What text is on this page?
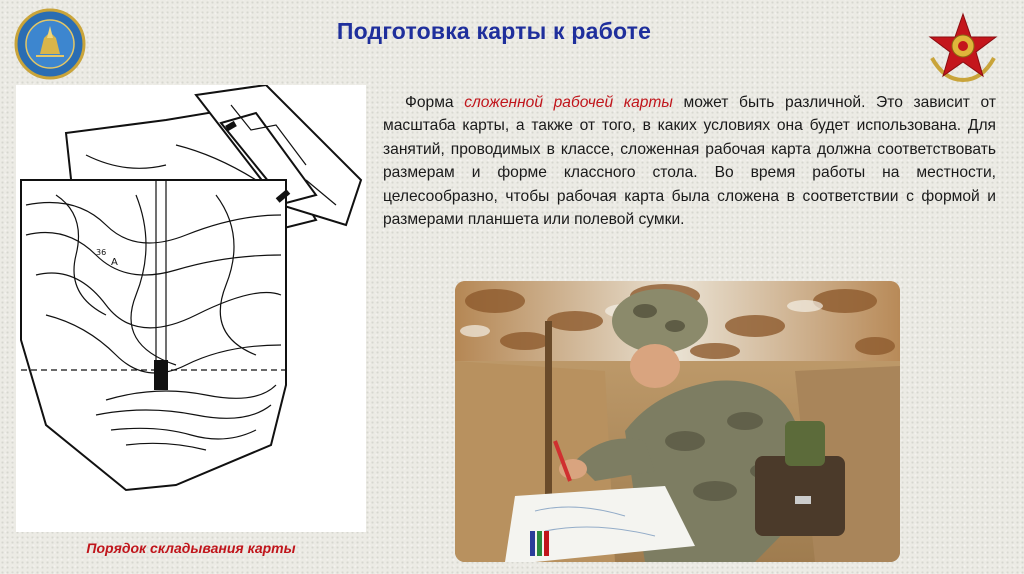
Подготовка карты к работе
A
36
Порядок складывания карты
Форма сложенной рабочей карты может быть различной. Это зависит от масштаба карты, а также от того, в каких условиях она будет использована. Для занятий, проводимых в классе, сложенная рабочая карта должна соответствовать размерам и форме классного стола. Во время работы на местности, целесообразно, чтобы рабочая карта была сложена в соответствии с формой и размерами планшета или полевой сумки.
